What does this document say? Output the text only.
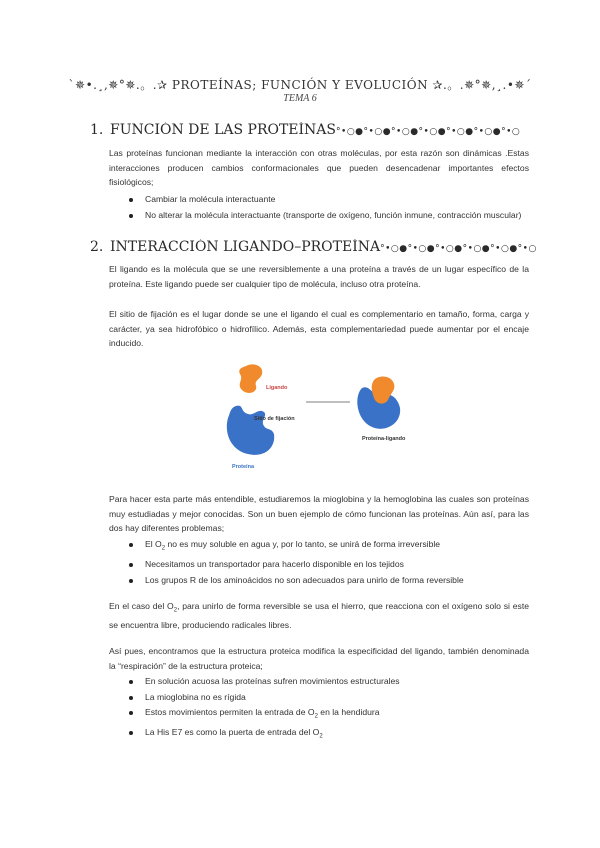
`✵•.¸,✵°✵.。.✰ PROTEÍNAS; FUNCIÓN Y EVOLUCIÓN ✰.。.✵°✵,¸.•✵´
TEMA 6
1. FUNCIÓN DE LAS PROTEÍNAS°•○●°•○●°•○●°•○●°•○●°•○●°•○

Las proteínas funcionan mediante la interacción con otras moléculas, por esta razón son dinámicas .Estas interacciones producen cambios conformacionales que pueden desencadenar importantes efectos fisiológicos;

Cambiar la molécula interactuante
No alterar la molécula interactuante (transporte de oxígeno, función inmune, contracción muscular)
2. INTERACCIÓN LIGANDO–PROTEÍNA°•○●°•○●°•○●°•○●°•○●°•○

El ligando es la molécula que se une reversiblemente a una proteína a través de un lugar específico de la proteína. Este ligando puede ser cualquier tipo de molécula, incluso otra proteína.

El sitio de fijación es el lugar donde se une el ligando el cual es complementario en tamaño, forma, carga y carácter, ya sea hidrofóbico o hidrofílico. Además, esta complementariedad puede aumentar por el encaje inducido.

Ligando
Sitio de fijación
Proteína
Proteína-ligando

Para hacer esta parte más entendible, estudiaremos la mioglobina y la hemoglobina las cuales son proteínas muy estudiadas y mejor conocidas. Son un buen ejemplo de cómo funcionan las proteínas. Aún así, para las dos hay diferentes problemas;

El $O_2$ no es muy soluble en agua y, por lo tanto, se unirá de forma irreversible
Necesitamos un transportador para hacerlo disponible en los tejidos
Los grupos R de los aminoácidos no son adecuados para unirlo de forma reversible

En el caso del $O_2$, para unirlo de forma reversible se usa el hierro, que reacciona con el oxígeno solo si este se encuentra libre, produciendo radicales libres.

Así pues, encontramos que la estructura proteica modifica la especificidad del ligando, también denominada la “respiración” de la estructura proteica;

En solución acuosa las proteínas sufren movimientos estructurales
La mioglobina no es rígida
Estos movimientos permiten la entrada de $O_2$ en la hendidura
La His E7 es como la puerta de entrada del $O_2$
